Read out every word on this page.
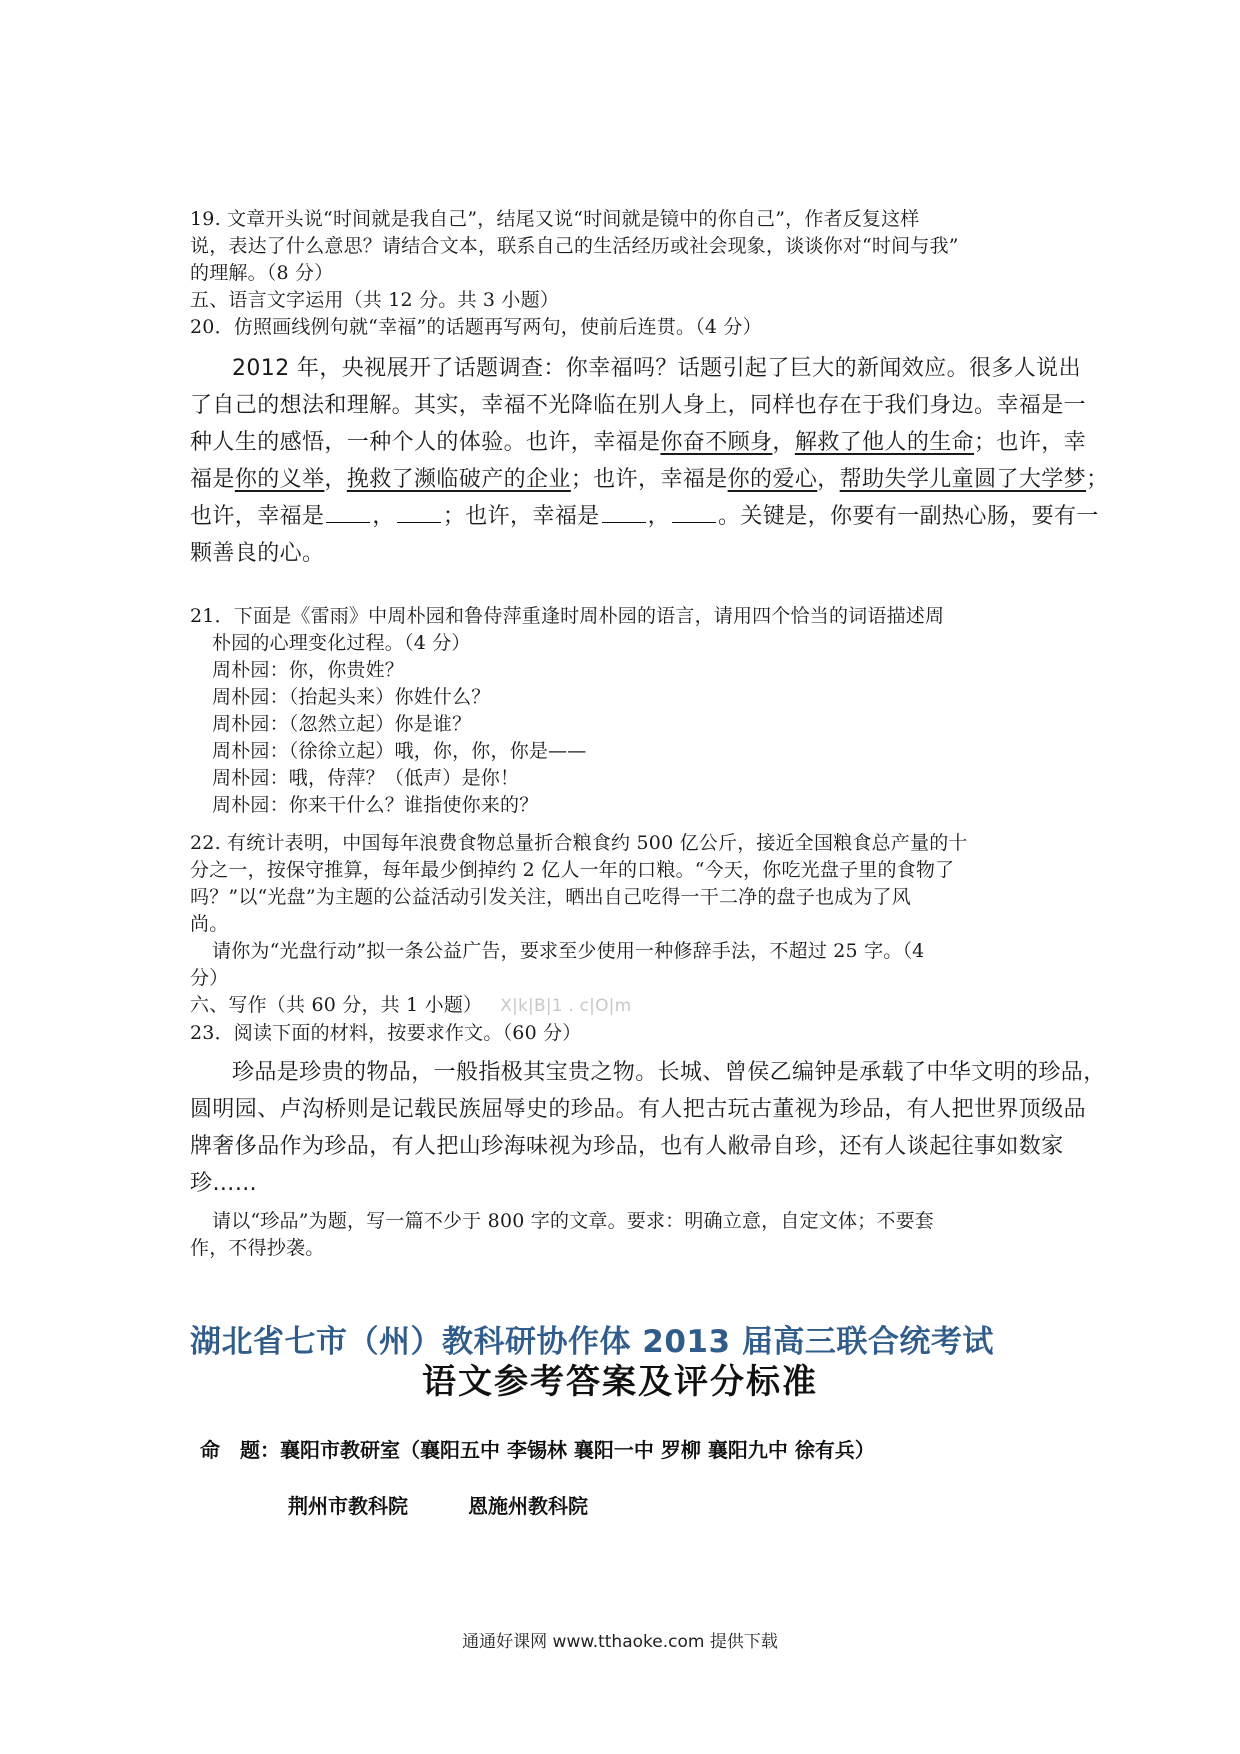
19. 文章开头说“时间就是我自己”，结尾又说“时间就是镜中的你自己”，作者反复这样
说，表达了什么意思？请结合文本，联系自己的生活经历或社会现象，谈谈你对“时间与我”
的理解。（8 分）
五、语言文字运用（共 12 分。共 3 小题）
20．仿照画线例句就“幸福”的话题再写两句，使前后连贯。（4 分）
2012 年，央视展开了话题调查：你幸福吗？话题引起了巨大的新闻效应。很多人说出
了自己的想法和理解。其实，幸福不光降临在别人身上，同样也存在于我们身边。幸福是一
种人生的感悟，一种个人的体验。也许，幸福是你奋不顾身，解救了他人的生命；也许，幸
福是你的义举，挽救了濒临破产的企业；也许，幸福是你的爱心，帮助失学儿童圆了大学梦；
也许，幸福是 ， ；也许，幸福是 ， 。关键是，你要有一副热心肠，要有一
颗善良的心。
21．下面是《雷雨》中周朴园和鲁侍萍重逢时周朴园的语言，请用四个恰当的词语描述周
朴园的心理变化过程。（4 分）
周朴园：你，你贵姓？
周朴园：（抬起头来）你姓什么？
周朴园：（忽然立起）你是谁？
周朴园：（徐徐立起）哦，你，你，你是——
周朴园：哦，侍萍？（低声）是你！
周朴园：你来干什么？谁指使你来的？
22. 有统计表明，中国每年浪费食物总量折合粮食约 500 亿公斤，接近全国粮食总产量的十
分之一，按保守推算，每年最少倒掉约 2 亿人一年的口粮。“今天，你吃光盘子里的食物了
吗？”以“光盘”为主题的公益活动引发关注，晒出自己吃得一干二净的盘子也成为了风
尚。
请你为“光盘行动”拟一条公益广告，要求至少使用一种修辞手法，不超过 25 字。（4
分）
六、写作（共 60 分，共 1 小题） X|k|B|1 . c|O|m
23．阅读下面的材料，按要求作文。（60 分）
珍品是珍贵的物品，一般指极其宝贵之物。长城、曾侯乙编钟是承载了中华文明的珍品，
圆明园、卢沟桥则是记载民族屈辱史的珍品。有人把古玩古董视为珍品，有人把世界顶级品
牌奢侈品作为珍品，有人把山珍海味视为珍品，也有人敝帚自珍，还有人谈起往事如数家
珍……
请以“珍品”为题，写一篇不少于 800 字的文章。要求：明确立意，自定文体；不要套
作，不得抄袭。
湖北省七市（州）教科研协作体 2013 届高三联合统考试
语文参考答案及评分标准
命　题：襄阳市教研室（襄阳五中 李锡林 襄阳一中 罗柳 襄阳九中 徐有兵）
荆州市教科院　　　恩施州教科院
通通好课网 www.tthaoke.com 提供下载
